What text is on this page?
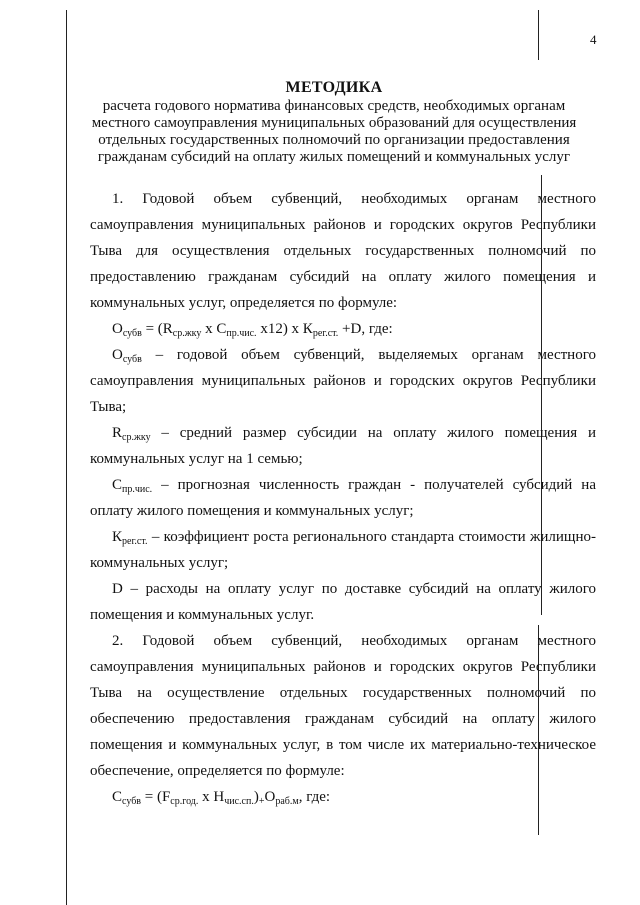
4
МЕТОДИКА
расчета годового норматива финансовых средств, необходимых органам
местного самоуправления муниципальных образований для осуществления
отдельных государственных полномочий по организации предоставления
гражданам субсидий на оплату жилых помещений и коммунальных услуг

1. Годовой объем субвенций, необходимых органам местного самоуправления муниципальных районов и городских округов Республики Тыва для осуществления отдельных государственных полномочий по предоставлению гражданам субсидий на оплату жилого помещения и коммунальных услуг, определяется по формуле:

$О_{субв} = (R_{ср.жку}$ х $С_{пр.чис.}$ х12) х $К_{рег.ст.} +D$, где:

$О_{субв}$ – годовой объем субвенций, выделяемых органам местного самоуправления муниципальных районов и городских округов Республики Тыва;

$R_{ср.жку}$ – средний размер субсидии на оплату жилого помещения и коммунальных услуг на 1 семью;

$С_{пр.чис.}$ – прогнозная численность граждан - получателей субсидий на оплату жилого помещения и коммунальных услуг;

$К_{рег.ст.}$ – коэффициент роста регионального стандарта стоимости жилищно-коммунальных услуг;

D – расходы на оплату услуг по доставке субсидий на оплату жилого помещения и коммунальных услуг.

2. Годовой объем субвенций, необходимых органам местного самоуправления муниципальных районов и городских округов Республики Тыва на осуществление отдельных государственных полномочий по обеспечению предоставления гражданам субсидий на оплату жилого помещения и коммунальных услуг, в том числе их материально-техническое обеспечение, определяется по формуле:

$С_{субв} = (F_{ср.год.}$ х $Н_{чис.сп.})_+О_{раб.м}$, где:
